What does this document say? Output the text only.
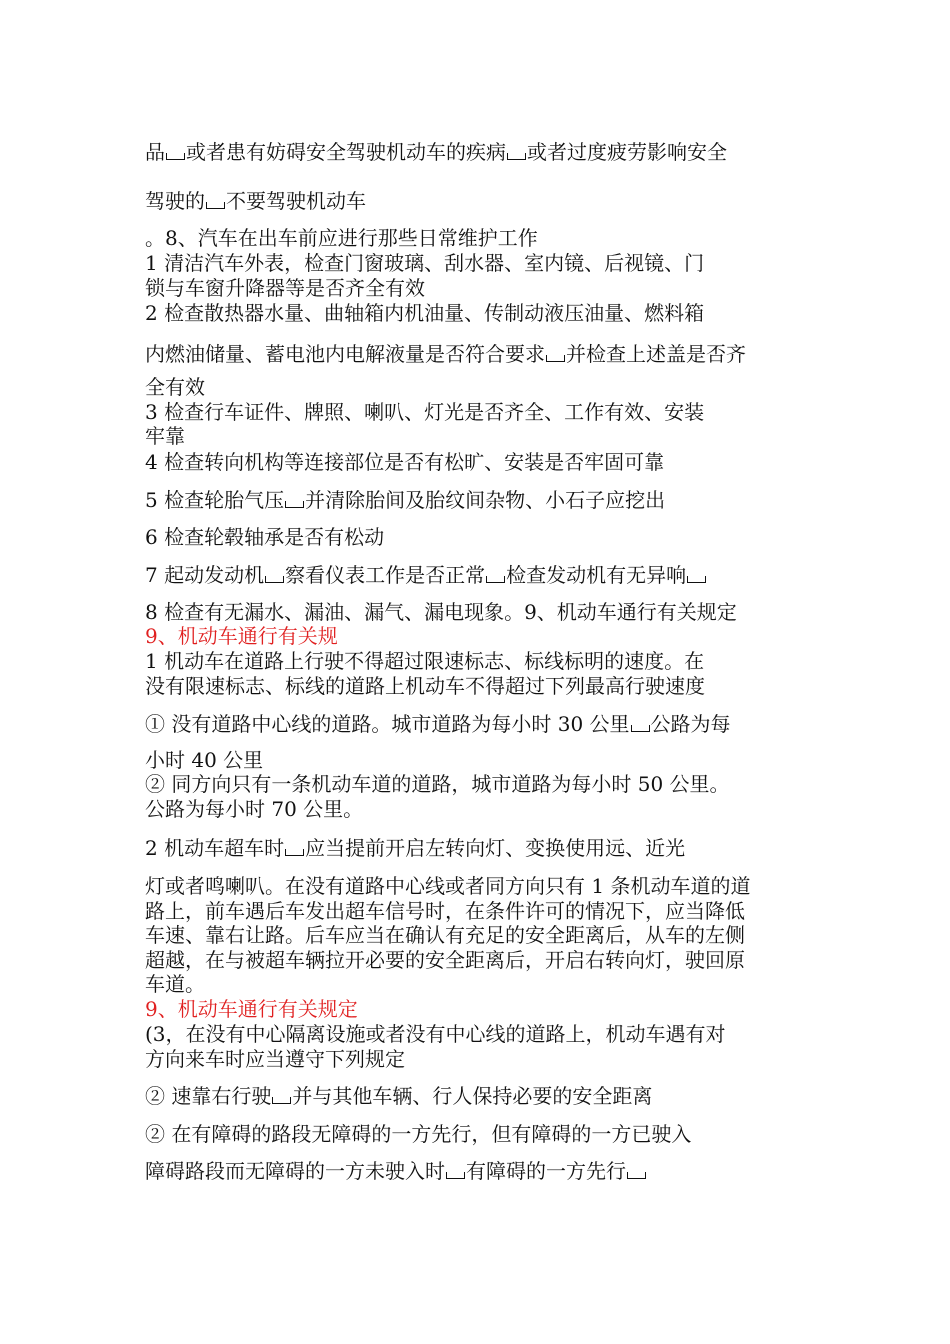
品 或者患有妨碍安全驾驶机动车的疾病 或者过度疲劳影响安全
驾驶的 不要驾驶机动车
。8、汽车在出车前应进行那些日常维护工作
1 清洁汽车外表，检查门窗玻璃、刮水器、室内镜、后视镜、门
锁与车窗升降器等是否齐全有效
2 检查散热器水量、曲轴箱内机油量、传制动液压油量、燃料箱
内燃油储量、蓄电池内电解液量是否符合要求 并检查上述盖是否齐
全有效
3 检查行车证件、牌照、喇叭、灯光是否齐全、工作有效、安装
牢靠
4 检查转向机构等连接部位是否有松旷、安装是否牢固可靠
5 检查轮胎气压 并清除胎间及胎纹间杂物、小石子应挖出
6 检查轮毂轴承是否有松动
7 起动发动机 察看仪表工作是否正常 检查发动机有无异响
8 检查有无漏水、漏油、漏气、漏电现象。9、机动车通行有关规定
9、机动车通行有关规
1 机动车在道路上行驶不得超过限速标志、标线标明的速度。在
没有限速标志、标线的道路上机动车不得超过下列最高行驶速度
① 没有道路中心线的道路。城市道路为每小时 30 公里 公路为每
小时 40 公里
② 同方向只有一条机动车道的道路，城市道路为每小时 50 公里。
公路为每小时 70 公里。
2 机动车超车时 应当提前开启左转向灯、变换使用远、近光
灯或者鸣喇叭。在没有道路中心线或者同方向只有 1 条机动车道的道
路上，前车遇后车发出超车信号时，在条件许可的情况下，应当降低
车速、靠右让路。后车应当在确认有充足的安全距离后，从车的左侧
超越，在与被超车辆拉开必要的安全距离后，开启右转向灯，驶回原
车道。
9、机动车通行有关规定
(3，在没有中心隔离设施或者没有中心线的道路上，机动车遇有对
方向来车时应当遵守下列规定
② 速靠右行驶 并与其他车辆、行人保持必要的安全距离
② 在有障碍的路段无障碍的一方先行，但有障碍的一方已驶入
障碍路段而无障碍的一方未驶入时 有障碍的一方先行
